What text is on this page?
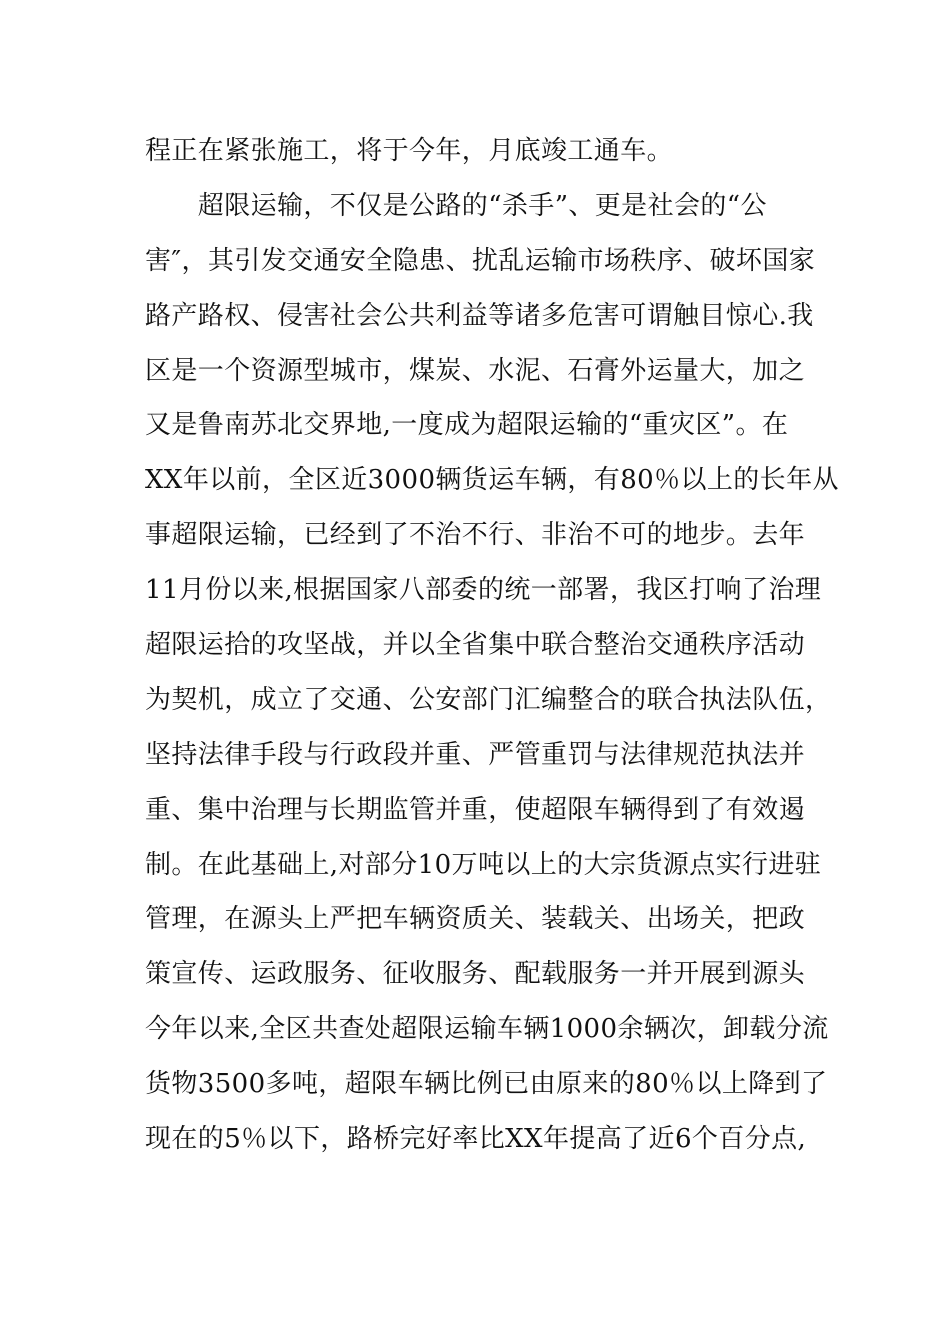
程正在紧张施工，将于今年，月底竣工通车。
　　超限运输，不仅是公路的“杀手”、更是社会的“公
害″，其引发交通安全隐患、扰乱运输市场秩序、破坏国家
路产路权、侵害社会公共利益等诸多危害可谓触目惊心.我
区是一个资源型城市，煤炭、水泥、石膏外运量大，加之
又是鲁南苏北交界地,一度成为超限运输的“重灾区”。在
XX年以前，全区近3000辆货运车辆，有80％以上的长年从
事超限运输，已经到了不治不行、非治不可的地步。去年
11月份以来,根据国家八部委的统一部署，我区打响了治理
超限运拾的攻坚战，并以全省集中联合整治交通秩序活动
为契机，成立了交通、公安部门汇编整合的联合执法队伍，
坚持法律手段与行政段并重、严管重罚与法律规范执法并
重、集中治理与长期监管并重，使超限车辆得到了有效遏
制。在此基础上,对部分10万吨以上的大宗货源点实行进驻
管理，在源头上严把车辆资质关、装载关、出场关，把政
策宣传、运政服务、征收服务、配载服务一并开展到源头
今年以来,全区共查处超限运输车辆1000余辆次，卸载分流
货物3500多吨，超限车辆比例已由原来的80％以上降到了
现在的5％以下，路桥完好率比XX年提高了近6个百分点,
